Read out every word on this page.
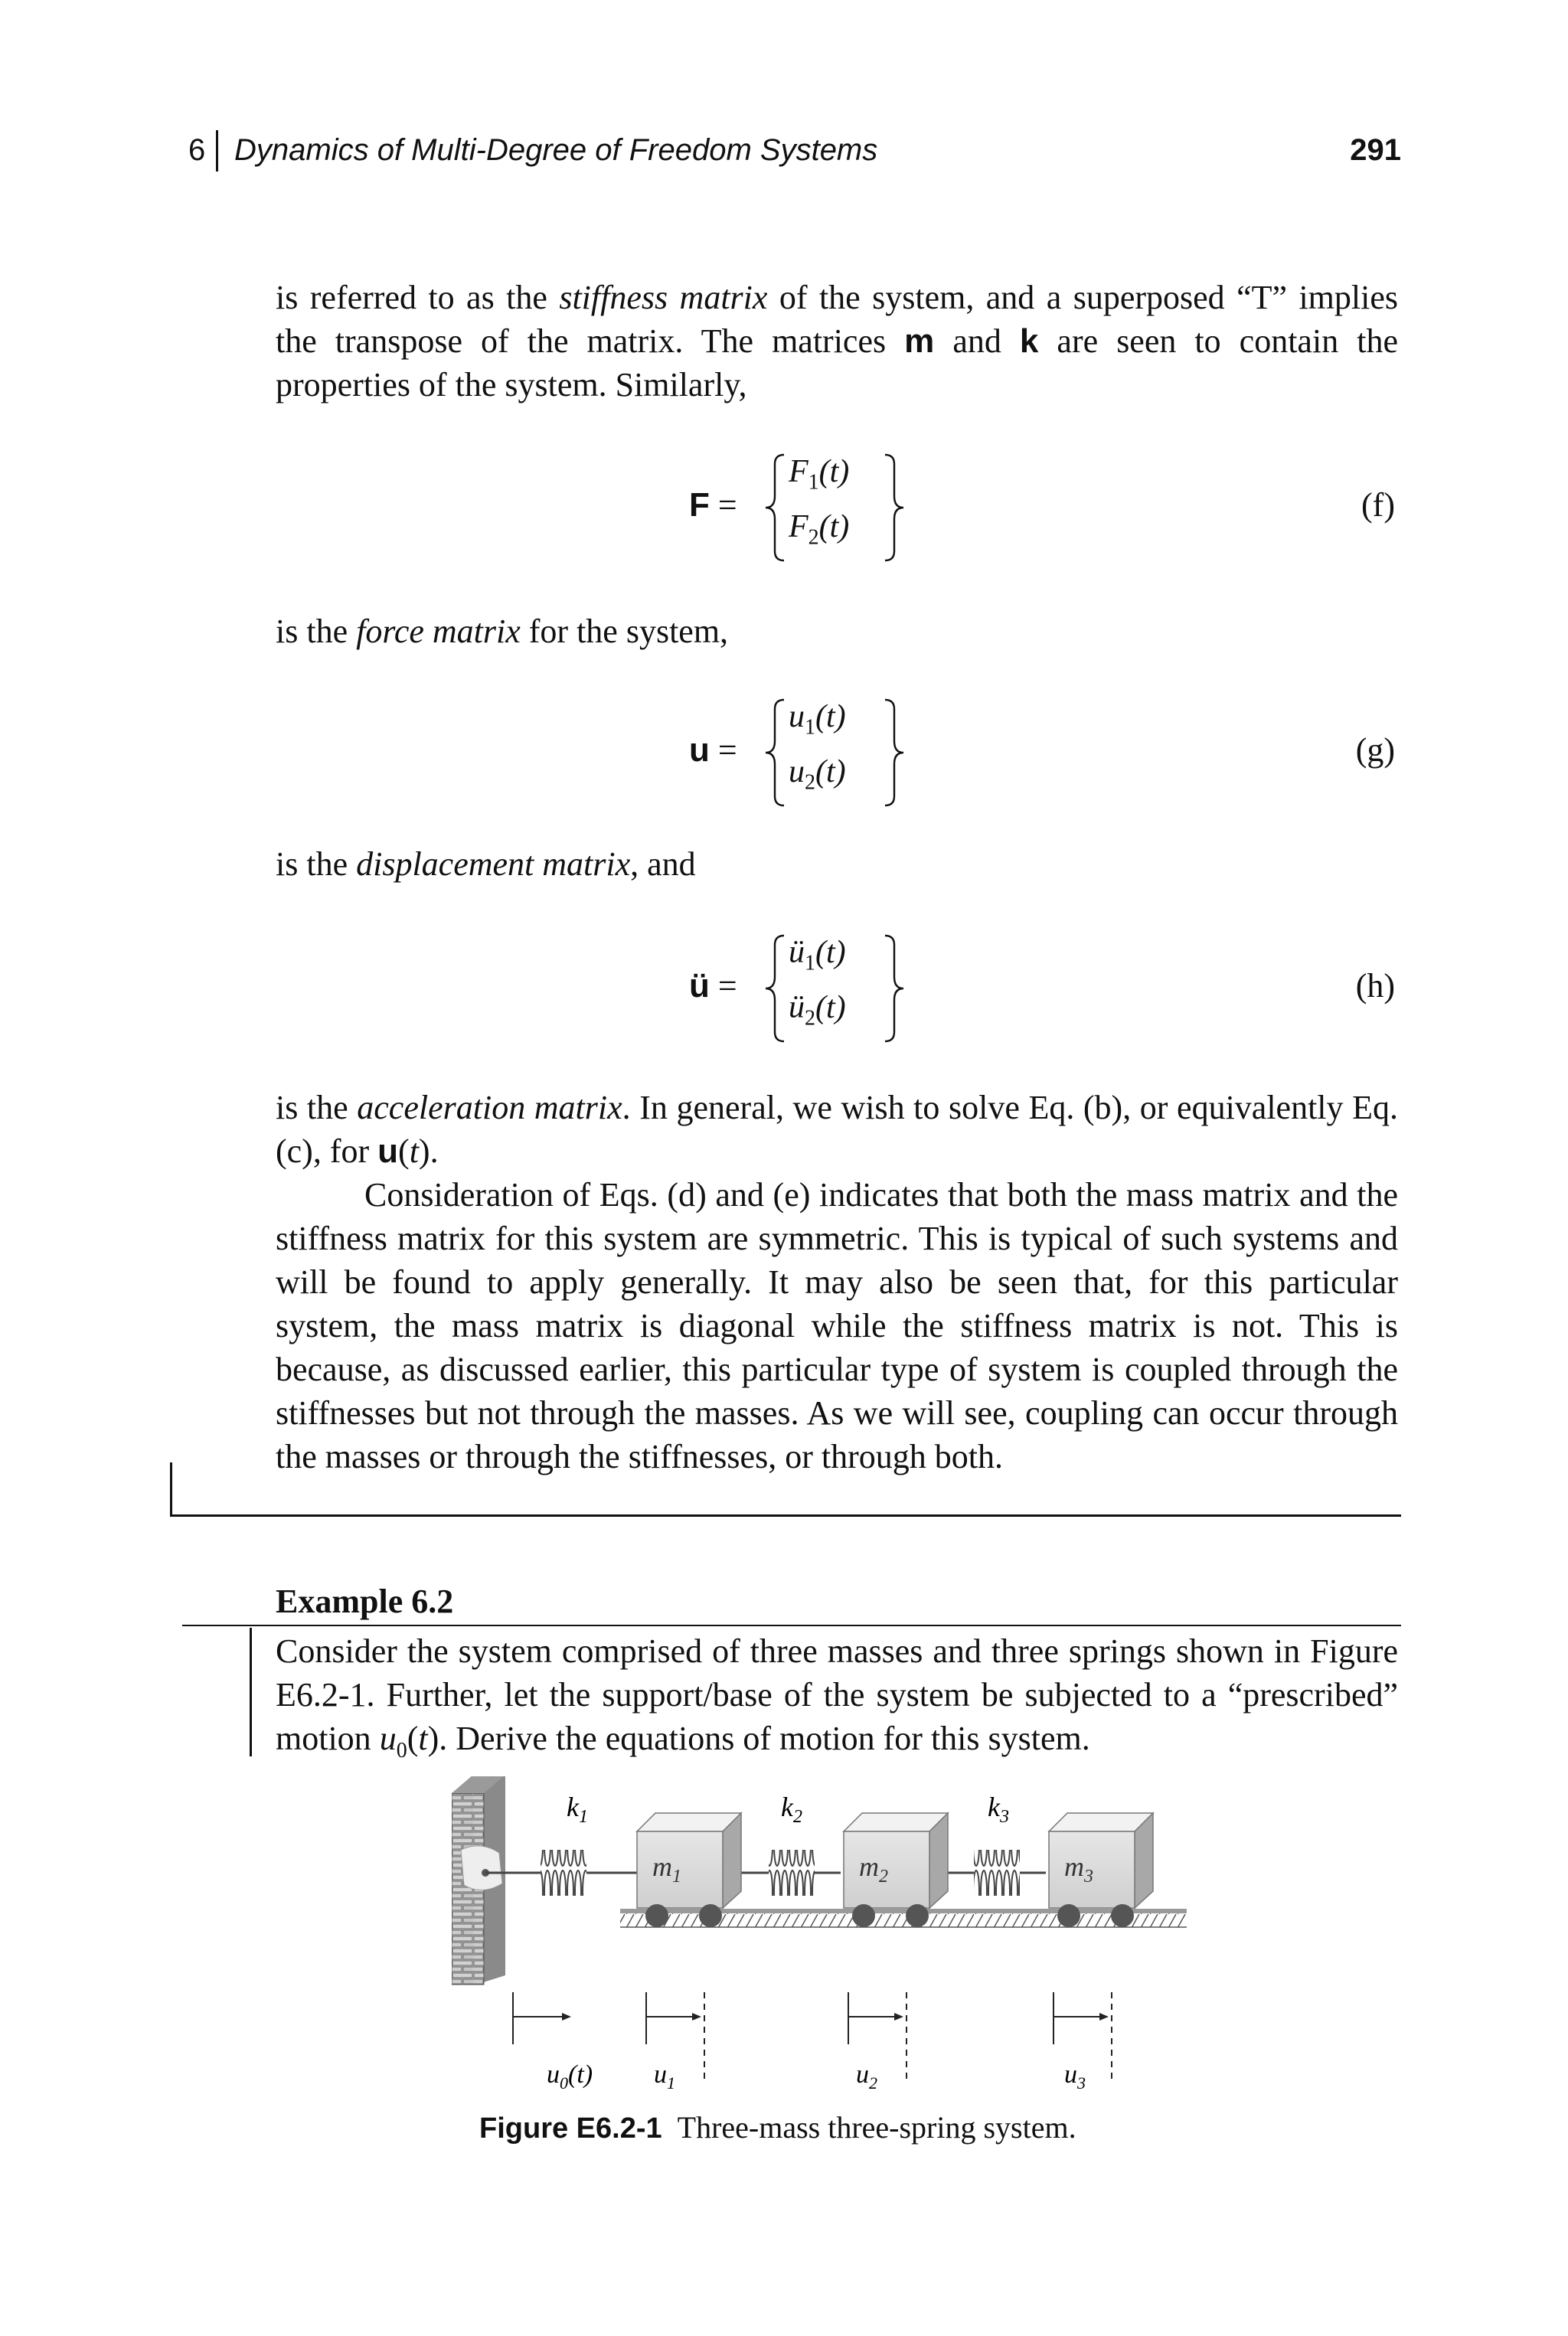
6 Dynamics of Multi-Degree of Freedom Systems	291

is referred to as the stiffness matrix of the system, and a superposed “T” implies the transpose of the matrix. The matrices m and k are seen to contain the properties of the system. Similarly,

F =
$F_1(t)$
$F_2(t)$
(f)

is the force matrix for the system,

u =
$u_1(t)$
$u_2(t)$
(g)

is the displacement matrix, and

ü =
$ü_1(t)$
$ü_2(t)$
(h)

is the acceleration matrix. In general, we wish to solve Eq. (b), or equivalently Eq. (c), for u(t).

Consideration of Eqs. (d) and (e) indicates that both the mass matrix and the stiffness matrix for this system are symmetric. This is typical of such systems and will be found to apply generally. It may also be seen that, for this particular system, the mass matrix is diagonal while the stiffness matrix is not. This is because, as discussed earlier, this particular type of system is coupled through the stiffnesses but not through the masses. As we will see, coupling can occur through the masses or through the stiffnesses, or through both.

Example 6.2

Consider the system comprised of three masses and three springs shown in Figure E6.2-1. Further, let the support/base of the system be subjected to a “prescribed” motion $u_0(t)$. Derive the equations of motion for this system.

$k_1$	$k_2$	$k_3$
$m_1$	$m_2$	$m_3$
$u_0(t)$ $u_1$	$u_2$	$u_3$
Figure E6.2-1 Three-mass three-spring system.
